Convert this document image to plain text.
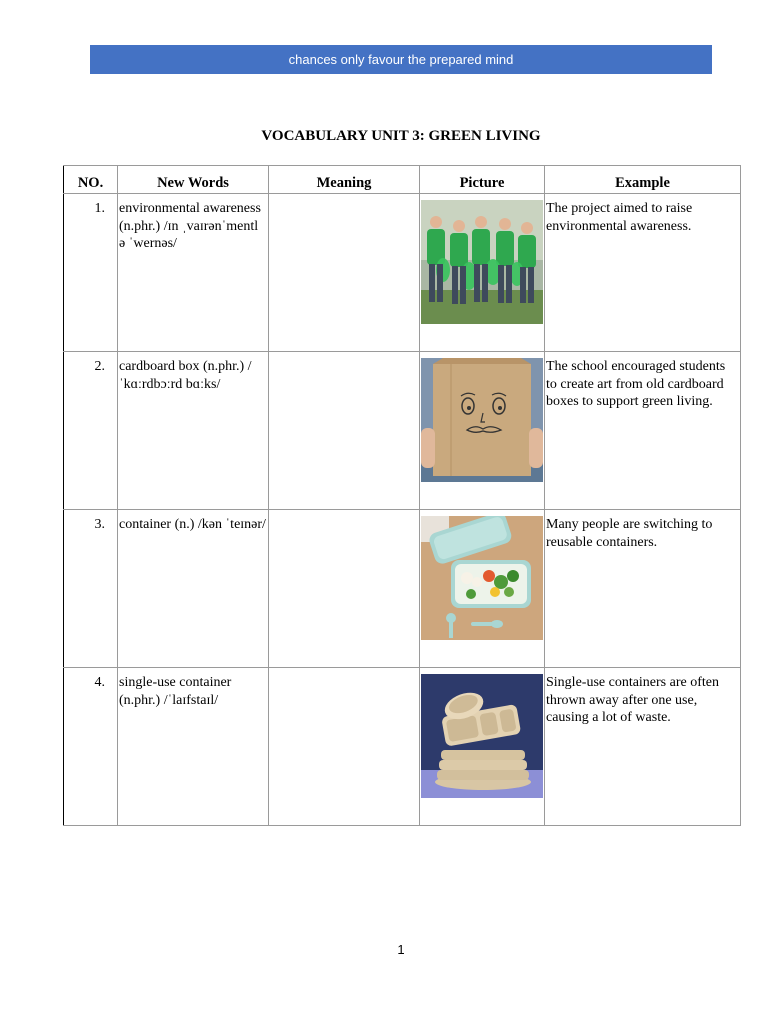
chances only favour the prepared mind
VOCABULARY UNIT 3: GREEN LIVING
NO.	New Words	Meaning	Picture	Example
1.	environmental awareness (n.phr.) /ɪn ˌvaɪrənˈmentl ə ˈwernəs/			The project aimed to raise environmental awareness.
2.	cardboard box (n.phr.) /ˈkɑːrdbɔːrd bɑːks/			The school encouraged students to create art from old cardboard boxes to support green living.
3.	container (n.) /kən ˈteɪnər/			Many people are switching to reusable containers.
4.	single-use container (n.phr.) /ˈlaɪfstaɪl/			Single-use containers are often thrown away after one use, causing a lot of waste.
1
